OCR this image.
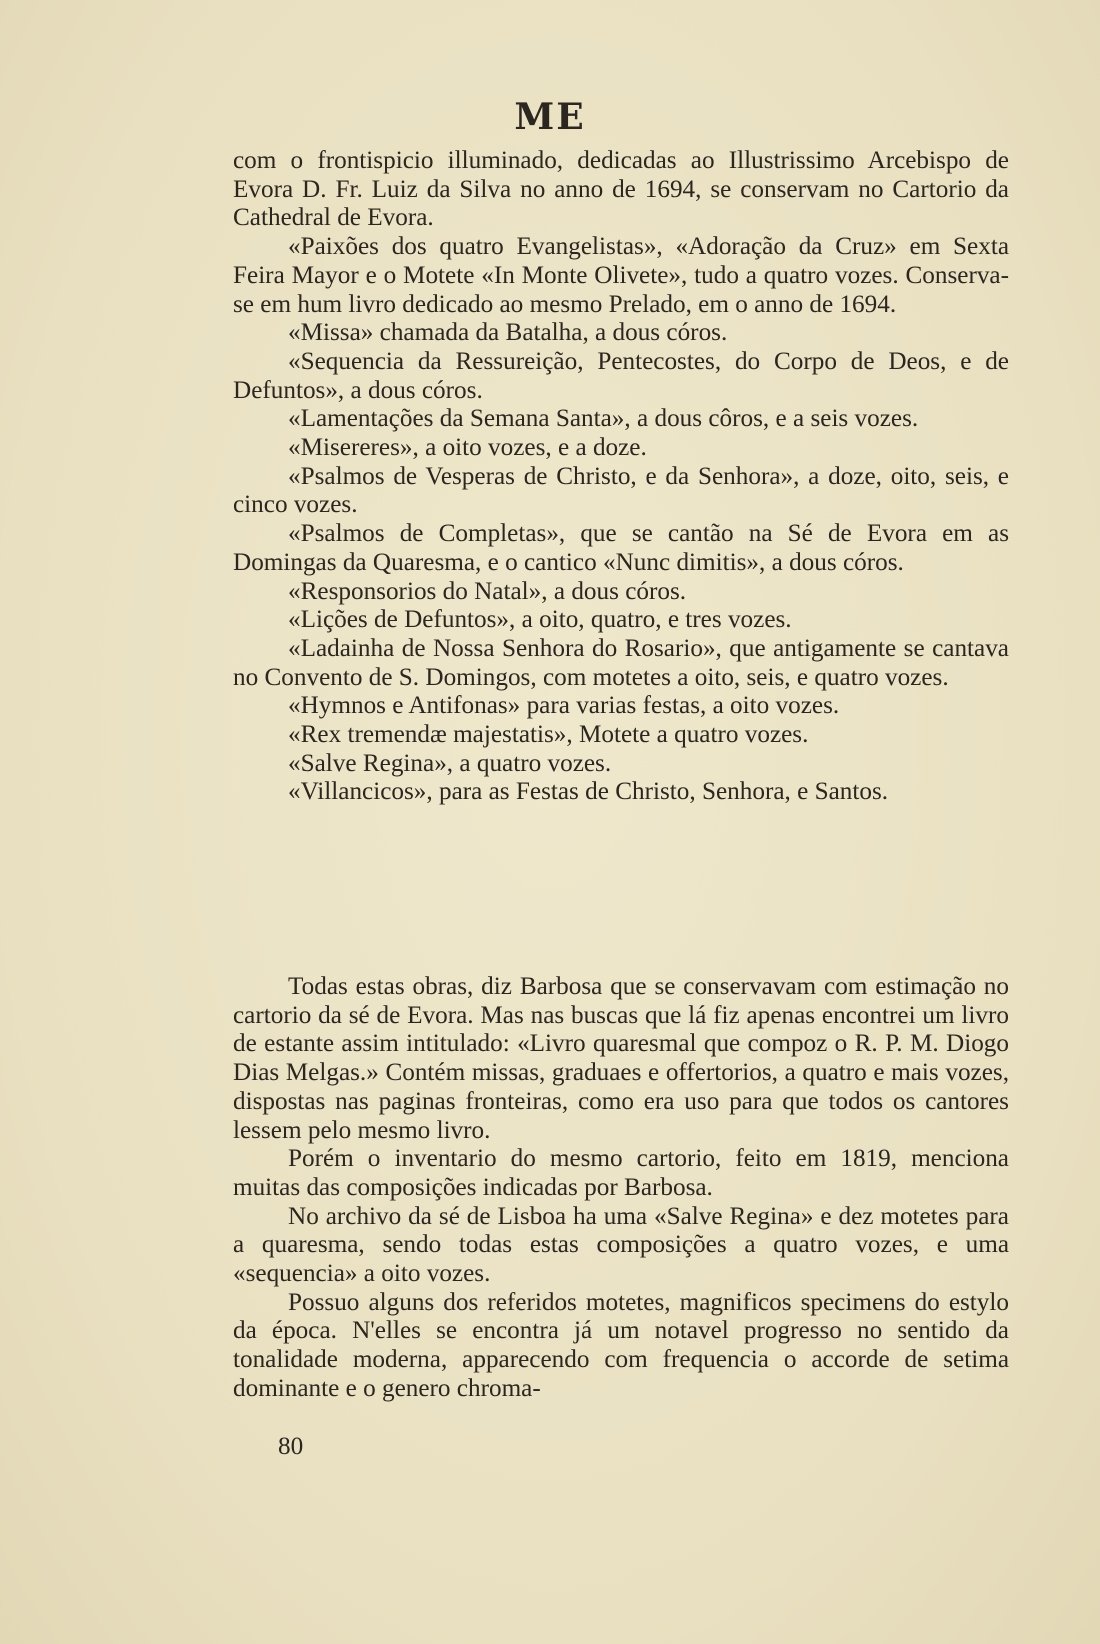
ME

com o frontispicio illuminado, dedicadas ao Illustrissimo Arcebispo de Evora D. Fr. Luiz da Silva no anno de 1694, se conservam no Cartorio da Cathedral de Evora.

«Paixões dos quatro Evangelistas», «Adoração da Cruz» em Sexta Feira Mayor e o Motete «In Monte Olivete», tudo a quatro vozes. Conserva-se em hum livro dedicado ao mesmo Prelado, em o anno de 1694.

«Missa» chamada da Batalha, a dous córos.

«Sequencia da Ressureição, Pentecostes, do Corpo de Deos, e de Defuntos», a dous córos.

«Lamentações da Semana Santa», a dous côros, e a seis vozes.

«Misereres», a oito vozes, e a doze.

«Psalmos de Vesperas de Christo, e da Senhora», a doze, oito, seis, e cinco vozes.

«Psalmos de Completas», que se cantão na Sé de Evora em as Domingas da Quaresma, e o cantico «Nunc dimitis», a dous córos.

«Responsorios do Natal», a dous córos.

«Lições de Defuntos», a oito, quatro, e tres vozes.

«Ladainha de Nossa Senhora do Rosario», que antigamente se cantava no Convento de S. Domingos, com motetes a oito, seis, e quatro vozes.

«Hymnos e Antifonas» para varias festas, a oito vozes.

«Rex tremendæ majestatis», Motete a quatro vozes.

«Salve Regina», a quatro vozes.

«Villancicos», para as Festas de Christo, Senhora, e Santos.

Todas estas obras, diz Barbosa que se conservavam com estimação no cartorio da sé de Evora. Mas nas buscas que lá fiz apenas encontrei um livro de estante assim intitulado: «Livro quaresmal que compoz o R. P. M. Diogo Dias Melgas.» Contém missas, graduaes e offertorios, a quatro e mais vozes, dispostas nas paginas fronteiras, como era uso para que todos os cantores lessem pelo mesmo livro.

Porém o inventario do mesmo cartorio, feito em 1819, menciona muitas das composições indicadas por Barbosa.

No archivo da sé de Lisboa ha uma «Salve Regina» e dez motetes para a quaresma, sendo todas estas composições a quatro vozes, e uma «sequencia» a oito vozes.

Possuo alguns dos referidos motetes, magnificos specimens do estylo da época. N'elles se encontra já um notavel progresso no sentido da tonalidade moderna, apparecendo com frequencia o accorde de setima dominante e o genero chroma-

80
